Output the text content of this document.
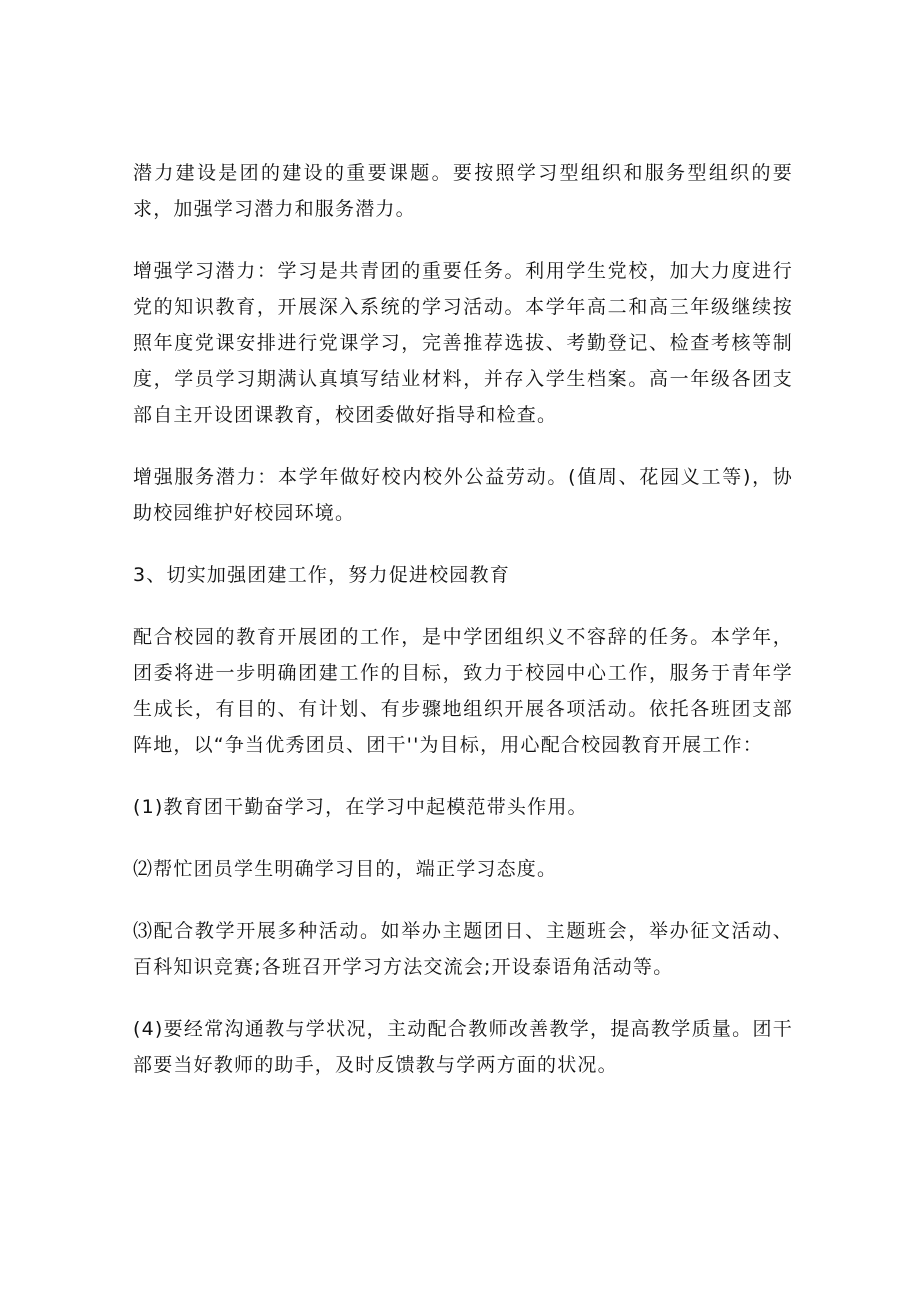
潜力建设是团的建设的重要课题。要按照学习型组织和服务型组织的要求，加强学习潜力和服务潜力。

增强学习潜力：学习是共青团的重要任务。利用学生党校，加大力度进行党的知识教育，开展深入系统的学习活动。本学年高二和高三年级继续按照年度党课安排进行党课学习，完善推荐选拔、考勤登记、检查考核等制度，学员学习期满认真填写结业材料，并存入学生档案。高一年级各团支部自主开设团课教育，校团委做好指导和检查。

增强服务潜力：本学年做好校内校外公益劳动。(值周、花园义工等)，协助校园维护好校园环境。

3、切实加强团建工作，努力促进校园教育

配合校园的教育开展团的工作，是中学团组织义不容辞的任务。本学年，团委将进一步明确团建工作的目标，致力于校园中心工作，服务于青年学生成长，有目的、有计划、有步骤地组织开展各项活动。依托各班团支部阵地，以“争当优秀团员、团干''为目标，用心配合校园教育开展工作：

(1)教育团干勤奋学习，在学习中起模范带头作用。

⑵帮忙团员学生明确学习目的，端正学习态度。

⑶配合教学开展多种活动。如举办主题团日、主题班会，举办征文活动、百科知识竞赛;各班召开学习方法交流会;开设泰语角活动等。

(4)要经常沟通教与学状况，主动配合教师改善教学，提高教学质量。团干部要当好教师的助手，及时反馈教与学两方面的状况。
